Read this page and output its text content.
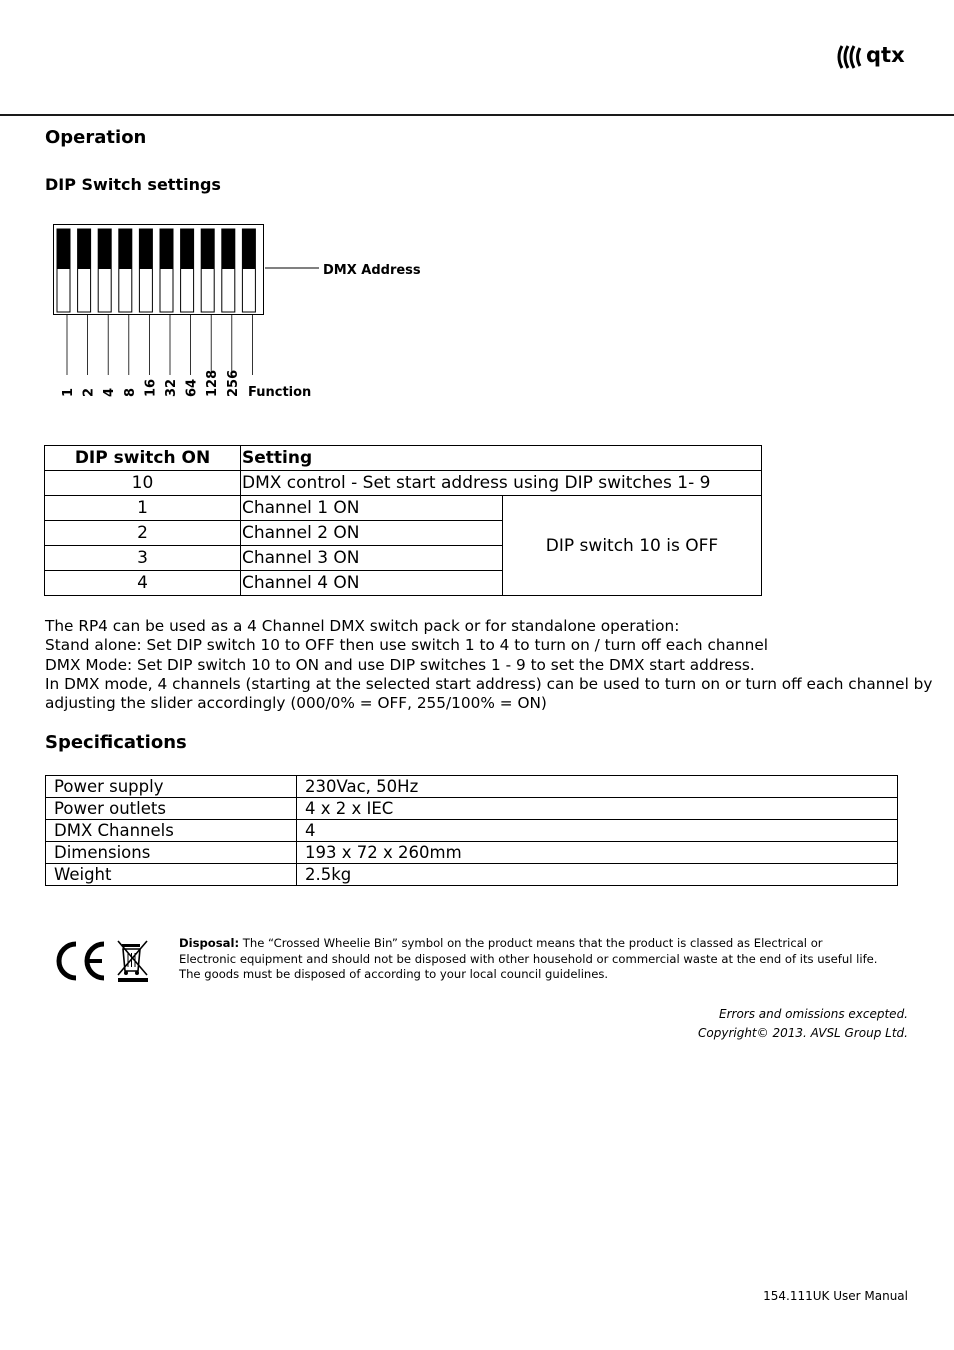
qtx
Operation
DIP Switch settings
DMX Address
Function
1 2 4 8 16 32 64 128 256
DIP switch ON	Setting	
10	DMX control - Set start address using DIP switches 1- 9	
1	Channel 1 ON	DIP switch 10 is OFF
2	Channel 2 ON	
3	Channel 3 ON	
4	Channel 4 ON	
The RP4 can be used as a 4 Channel DMX switch pack or for standalone operation:
Stand alone: Set DIP switch 10 to OFF then use switch 1 to 4 to turn on / turn off each channel
DMX Mode: Set DIP switch 10 to ON and use DIP switches 1 - 9 to set the DMX start address.
In DMX mode, 4 channels (starting at the selected start address) can be used to turn on or turn off each channel by
adjusting the slider accordingly (000/0% = OFF, 255/100% = ON)
Specifications
Power supply	230Vac, 50Hz
Power outlets	4 x 2 x IEC
DMX Channels	4
Dimensions	193 x 72 x 260mm
Weight	2.5kg
Disposal: The “Crossed Wheelie Bin” symbol on the product means that the product is classed as Electrical or
Electronic equipment and should not be disposed with other household or commercial waste at the end of its useful life.
The goods must be disposed of according to your local council guidelines.
Errors and omissions excepted.
Copyright© 2013. AVSL Group Ltd.
154.111UK User Manual
